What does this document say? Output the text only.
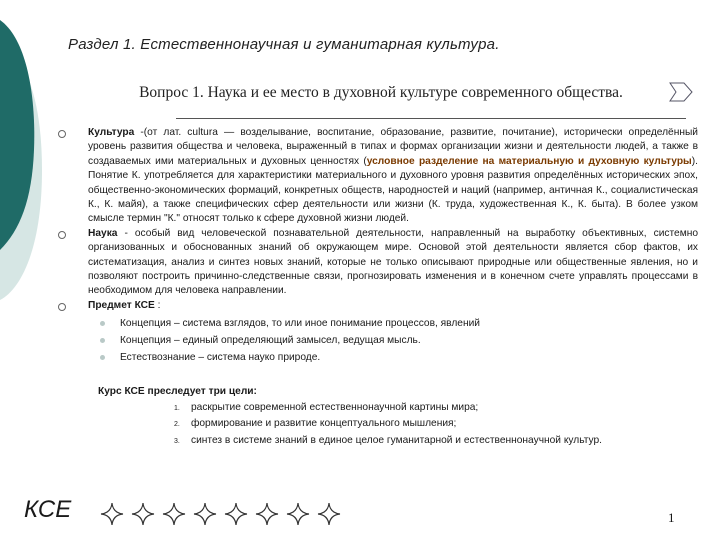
Раздел 1. Естественнонаучная и гуманитарная культура.
Вопрос 1. Наука и ее место в духовной культуре современного общества.

Культура -(от лат. cultura — возделывание, воспитание, образование, развитие, почитание), исторически определённый уровень развития общества и человека, выраженный в типах и формах организации жизни и деятельности людей, а также в создаваемых ими материальных и духовных ценностях (условное разделение на материальную и духовную культуры). Понятие К. употребляется для характеристики материального и духовного уровня развития определённых исторических эпох, общественно-экономических формаций, конкретных обществ, народностей и наций (например, античная К., социалистическая К., К. майя), а также специфических сфер деятельности или жизни (К. труда, художественная К., К. быта). В более узком смысле термин "К." относят только к сфере духовной жизни людей.

Наука - особый вид человеческой познавательной деятельности, направленный на выработку объективных, системно организованных и обоснованных знаний об окружающем мире. Основой этой деятельности является сбор фактов, их систематизация, анализ и синтез новых знаний, которые не только описывают природные или общественные явления, но и позволяют построить причинно-следственные связи, прогнозировать изменения и в конечном счете управлять процессами в необходимом для человека направлении.

Предмет КСЕ :
Концепция – система взглядов, то или иное понимание процессов, явлений
Концепция – единый определяющий замысел, ведущая мысль.
Естествознание – система науко природе.
Курс КСЕ преследует три цели:
1. раскрытие современной естественнонаучной картины мира;
2. формирование и развитие концептуального мышления;
3. синтез в системе знаний в единое целое гуманитарной и естественнонаучной культур.
КСЕ	1
